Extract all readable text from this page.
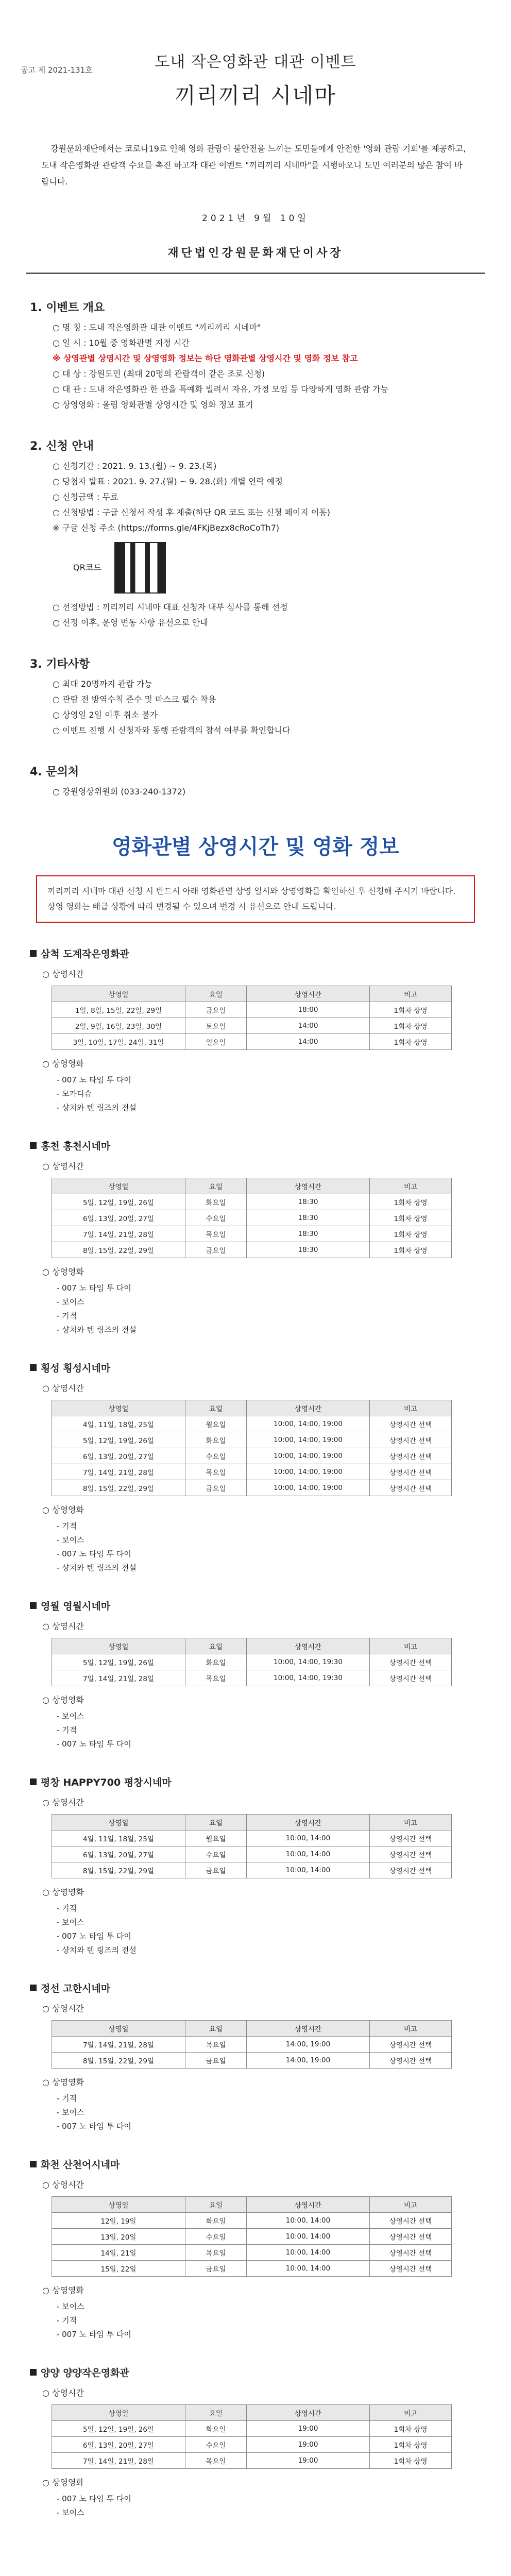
공고 제 2021-131호	도내 작은영화관 대관 이벤트
끼리끼리 시네마
강원문화재단에서는 코로나19로 인해 영화 관람이 불안전을 느끼는 도민들에게 안전한 '영화 관람 기회'를 제공하고, 도내 작은영화관 관람객 수요를 촉진 하고자 대관 이벤트 "끼리끼리 시네마"를 시행하오니 도민 여러분의 많은 참여 바랍니다.
2021년 9월 10일
재단법인강원문화재단이사장
1. 이벤트 개요
○ 명 칭 : 도내 작은영화관 대관 이벤트 "끼리끼리 시네마"
○ 일 시 : 10월 중 영화관별 지정 시간
※ 상영관별 상영시간 및 상영영화 정보는 하단 영화관별 상영시간 및 영화 정보 참고
○ 대 상 : 강원도민 (최대 20명의 관람객이 같은 조로 신청)
○ 대 관 : 도내 작은영화관 한 관을 특예화 빌려서 자유, 가정 모임 등 다양하게 영화 관람 가능
○ 상영영화 : 올림 영화관별 상영시간 및 영화 정보 표기
2. 신청 안내
○ 신청기간 : 2021. 9. 13.(월) ~ 9. 23.(목)
○ 당첨자 발표 : 2021. 9. 27.(월) ~ 9. 28.(화) 개별 연락 예정
○ 신청금액 : 무료
○ 신청방법 : 구글 신청서 작성 후 제출(하단 QR 코드 또는 신청 페이지 이동)
※ 구글 신청 주소 (https://forms.gle/4FKjBezx8cRoCoTh7)
QR코드
○ 선정방법 : 끼리끼리 시네마 대표 신청자 내부 심사를 통해 선정
○ 선정 이후, 운영 변동 사항 유선으로 안내
3. 기타사항
○ 최대 20명까지 관람 가능
○ 관람 전 방역수칙 준수 및 마스크 필수 착용
○ 상영일 2일 이후 취소 불가
○ 이벤트 진행 시 신청자와 동행 관람객의 참석 여부를 확인합니다
4. 문의처
○ 강원영상위원회 (033-240-1372)
영화관별 상영시간 및 영화 정보
끼리끼리 시네마 대관 신청 시 반드시 아래 영화관별 상영 일시와 상영영화를 확인하신 후 신청해 주시기 바랍니다. 상영 영화는 배급 상황에 따라 변경될 수 있으며 변경 시 유선으로 안내 드립니다.
삼척 도계작은영화관
○ 상영시간
상영일	요일	상영시간	비고
1일, 8일, 15일, 22일, 29일	금요일	18:00	1회차 상영
2일, 9일, 16일, 23일, 30일	토요일	14:00	1회차 상영
3일, 10일, 17일, 24일, 31일	일요일	14:00	1회차 상영
○ 상영영화
- 007 노 타임 투 다이
- 모가디슈
- 샹치와 텐 링즈의 전설
홍천 홍천시네마
○ 상영시간
상영일	요일	상영시간	비고
5일, 12일, 19일, 26일	화요일	18:30	1회차 상영
6일, 13일, 20일, 27일	수요일	18:30	1회차 상영
7일, 14일, 21일, 28일	목요일	18:30	1회차 상영
8일, 15일, 22일, 29일	금요일	18:30	1회차 상영
○ 상영영화
- 007 노 타임 투 다이
- 보이스
- 기적
- 샹치와 텐 링즈의 전설
횡성 횡성시네마
○ 상영시간
상영일	요일	상영시간	비고
4일, 11일, 18일, 25일	월요일	10:00, 14:00, 19:00	상영시간 선택
5일, 12일, 19일, 26일	화요일	10:00, 14:00, 19:00	상영시간 선택
6일, 13일, 20일, 27일	수요일	10:00, 14:00, 19:00	상영시간 선택
7일, 14일, 21일, 28일	목요일	10:00, 14:00, 19:00	상영시간 선택
8일, 15일, 22일, 29일	금요일	10:00, 14:00, 19:00	상영시간 선택
○ 상영영화
- 기적
- 보이스
- 007 노 타임 투 다이
- 샹치와 텐 링즈의 전설
영월 영월시네마
○ 상영시간
상영일	요일	상영시간	비고
5일, 12일, 19일, 26일	화요일	10:00, 14:00, 19:30	상영시간 선택
7일, 14일, 21일, 28일	목요일	10:00, 14:00, 19:30	상영시간 선택
○ 상영영화
- 보이스
- 기적
- 007 노 타임 투 다이
평창 HAPPY700 평창시네마
○ 상영시간
상영일	요일	상영시간	비고
4일, 11일, 18일, 25일	월요일	10:00, 14:00	상영시간 선택
6일, 13일, 20일, 27일	수요일	10:00, 14:00	상영시간 선택
8일, 15일, 22일, 29일	금요일	10:00, 14:00	상영시간 선택
○ 상영영화
- 기적
- 보이스
- 007 노 타임 투 다이
- 샹치와 텐 링즈의 전설
정선 고한시네마
○ 상영시간
상영일	요일	상영시간	비고
7일, 14일, 21일, 28일	목요일	14:00, 19:00	상영시간 선택
8일, 15일, 22일, 29일	금요일	14:00, 19:00	상영시간 선택
○ 상영영화
- 기적
- 보이스
- 007 노 타임 투 다이
화천 산천어시네마
○ 상영시간
상영일	요일	상영시간	비고
12일, 19일	화요일	10:00, 14:00	상영시간 선택
13일, 20일	수요일	10:00, 14:00	상영시간 선택
14일, 21일	목요일	10:00, 14:00	상영시간 선택
15일, 22일	금요일	10:00, 14:00	상영시간 선택
○ 상영영화
- 보이스
- 기적
- 007 노 타임 투 다이
양양 양양작은영화관
○ 상영시간
상영일	요일	상영시간	비고
5일, 12일, 19일, 26일	화요일	19:00	1회차 상영
6일, 13일, 20일, 27일	수요일	19:00	1회차 상영
7일, 14일, 21일, 28일	목요일	19:00	1회차 상영
○ 상영영화
- 007 노 타임 투 다이
- 보이스
